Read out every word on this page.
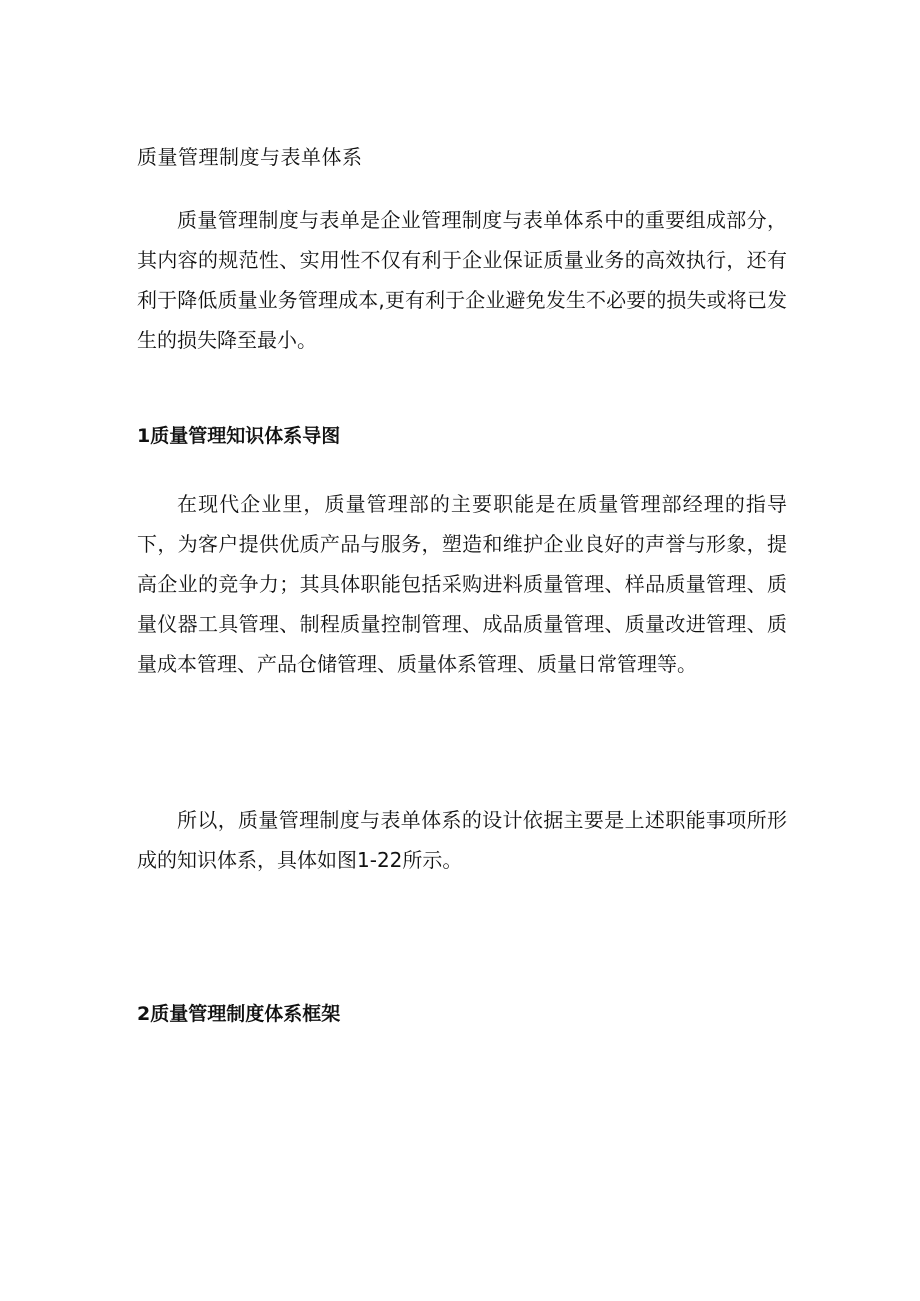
质量管理制度与表单体系

质量管理制度与表单是企业管理制度与表单体系中的重要组成部分，其内容的规范性、实用性不仅有利于企业保证质量业务的高效执行，还有利于降低质量业务管理成本,更有利于企业避免发生不必要的损失或将已发生的损失降至最小。

1质量管理知识体系导图

在现代企业里，质量管理部的主要职能是在质量管理部经理的指导下，为客户提供优质产品与服务，塑造和维护企业良好的声誉与形象，提高企业的竞争力；其具体职能包括采购进料质量管理、样品质量管理、质量仪器工具管理、制程质量控制管理、成品质量管理、质量改进管理、质量成本管理、产品仓储管理、质量体系管理、质量日常管理等。

所以，质量管理制度与表单体系的设计依据主要是上述职能事项所形成的知识体系，具体如图1-22所示。

2质量管理制度体系框架
